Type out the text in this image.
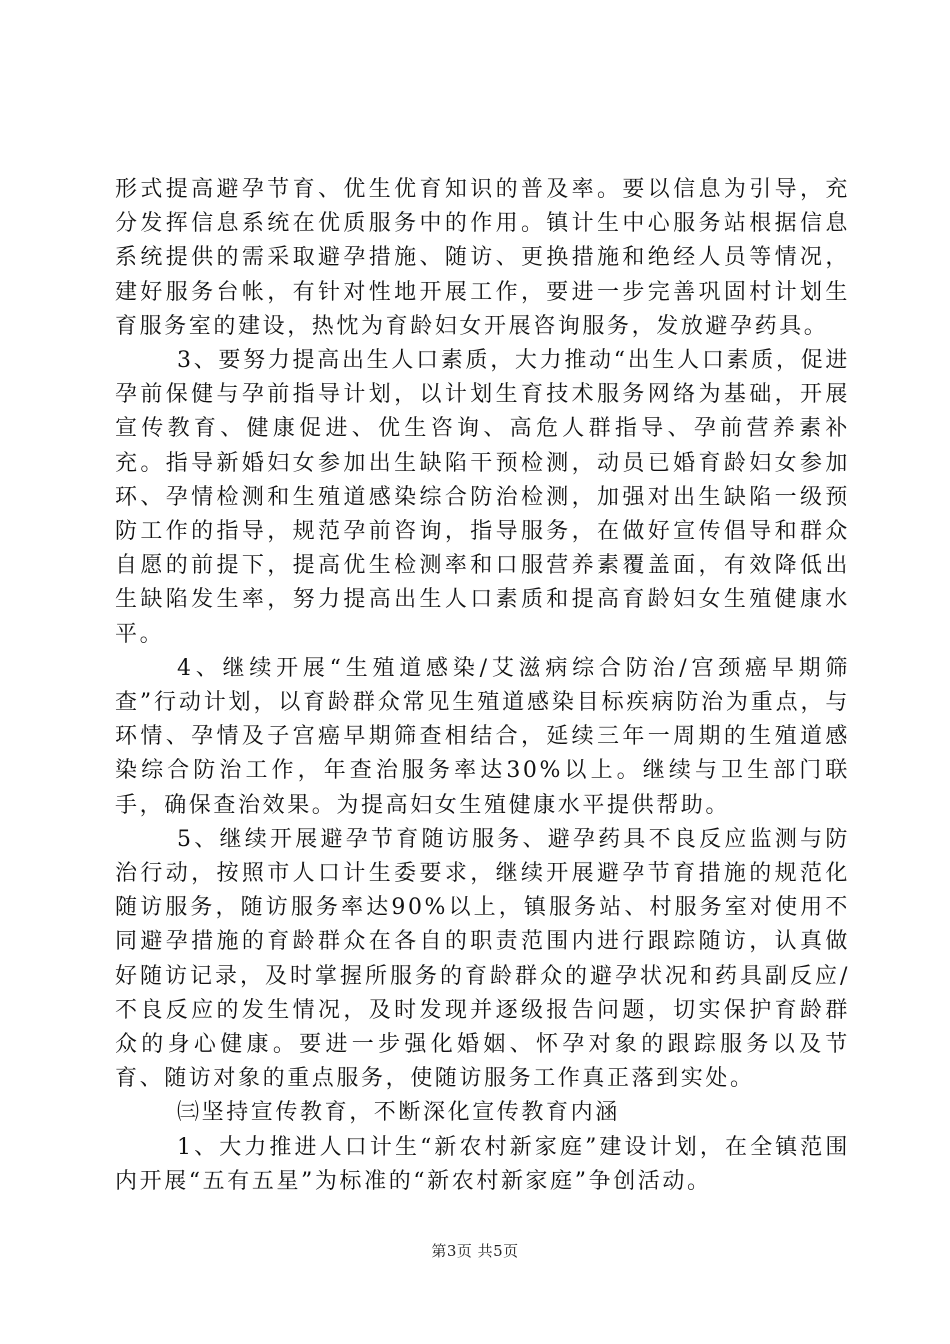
形式提高避孕节育、优生优育知识的普及率。要以信息为引导，充分发挥信息系统在优质服务中的作用。镇计生中心服务站根据信息系统提供的需采取避孕措施、随访、更换措施和绝经人员等情况，建好服务台帐，有针对性地开展工作，要进一步完善巩固村计划生育服务室的建设，热忱为育龄妇女开展咨询服务，发放避孕药具。

3、要努力提高出生人口素质，大力推动“出生人口素质，促进孕前保健与孕前指导计划，以计划生育技术服务网络为基础，开展宣传教育、健康促进、优生咨询、高危人群指导、孕前营养素补充。指导新婚妇女参加出生缺陷干预检测，动员已婚育龄妇女参加环、孕情检测和生殖道感染综合防治检测，加强对出生缺陷一级预防工作的指导，规范孕前咨询，指导服务，在做好宣传倡导和群众自愿的前提下，提高优生检测率和口服营养素覆盖面，有效降低出生缺陷发生率，努力提高出生人口素质和提高育龄妇女生殖健康水平。

4、继续开展“生殖道感染/艾滋病综合防治/宫颈癌早期筛查”行动计划，以育龄群众常见生殖道感染目标疾病防治为重点，与环情、孕情及子宫癌早期筛查相结合，延续三年一周期的生殖道感染综合防治工作，年查治服务率达30%以上。继续与卫生部门联手，确保查治效果。为提高妇女生殖健康水平提供帮助。

5、继续开展避孕节育随访服务、避孕药具不良反应监测与防治行动，按照市人口计生委要求，继续开展避孕节育措施的规范化随访服务，随访服务率达90%以上，镇服务站、村服务室对使用不同避孕措施的育龄群众在各自的职责范围内进行跟踪随访，认真做好随访记录，及时掌握所服务的育龄群众的避孕状况和药具副反应/不良反应的发生情况，及时发现并逐级报告问题，切实保护育龄群众的身心健康。要进一步强化婚姻、怀孕对象的跟踪服务以及节育、随访对象的重点服务，使随访服务工作真正落到实处。

㈢坚持宣传教育，不断深化宣传教育内涵

1、大力推进人口计生“新农村新家庭”建设计划，在全镇范围内开展“五有五星”为标准的“新农村新家庭”争创活动。

第3页 共5页
